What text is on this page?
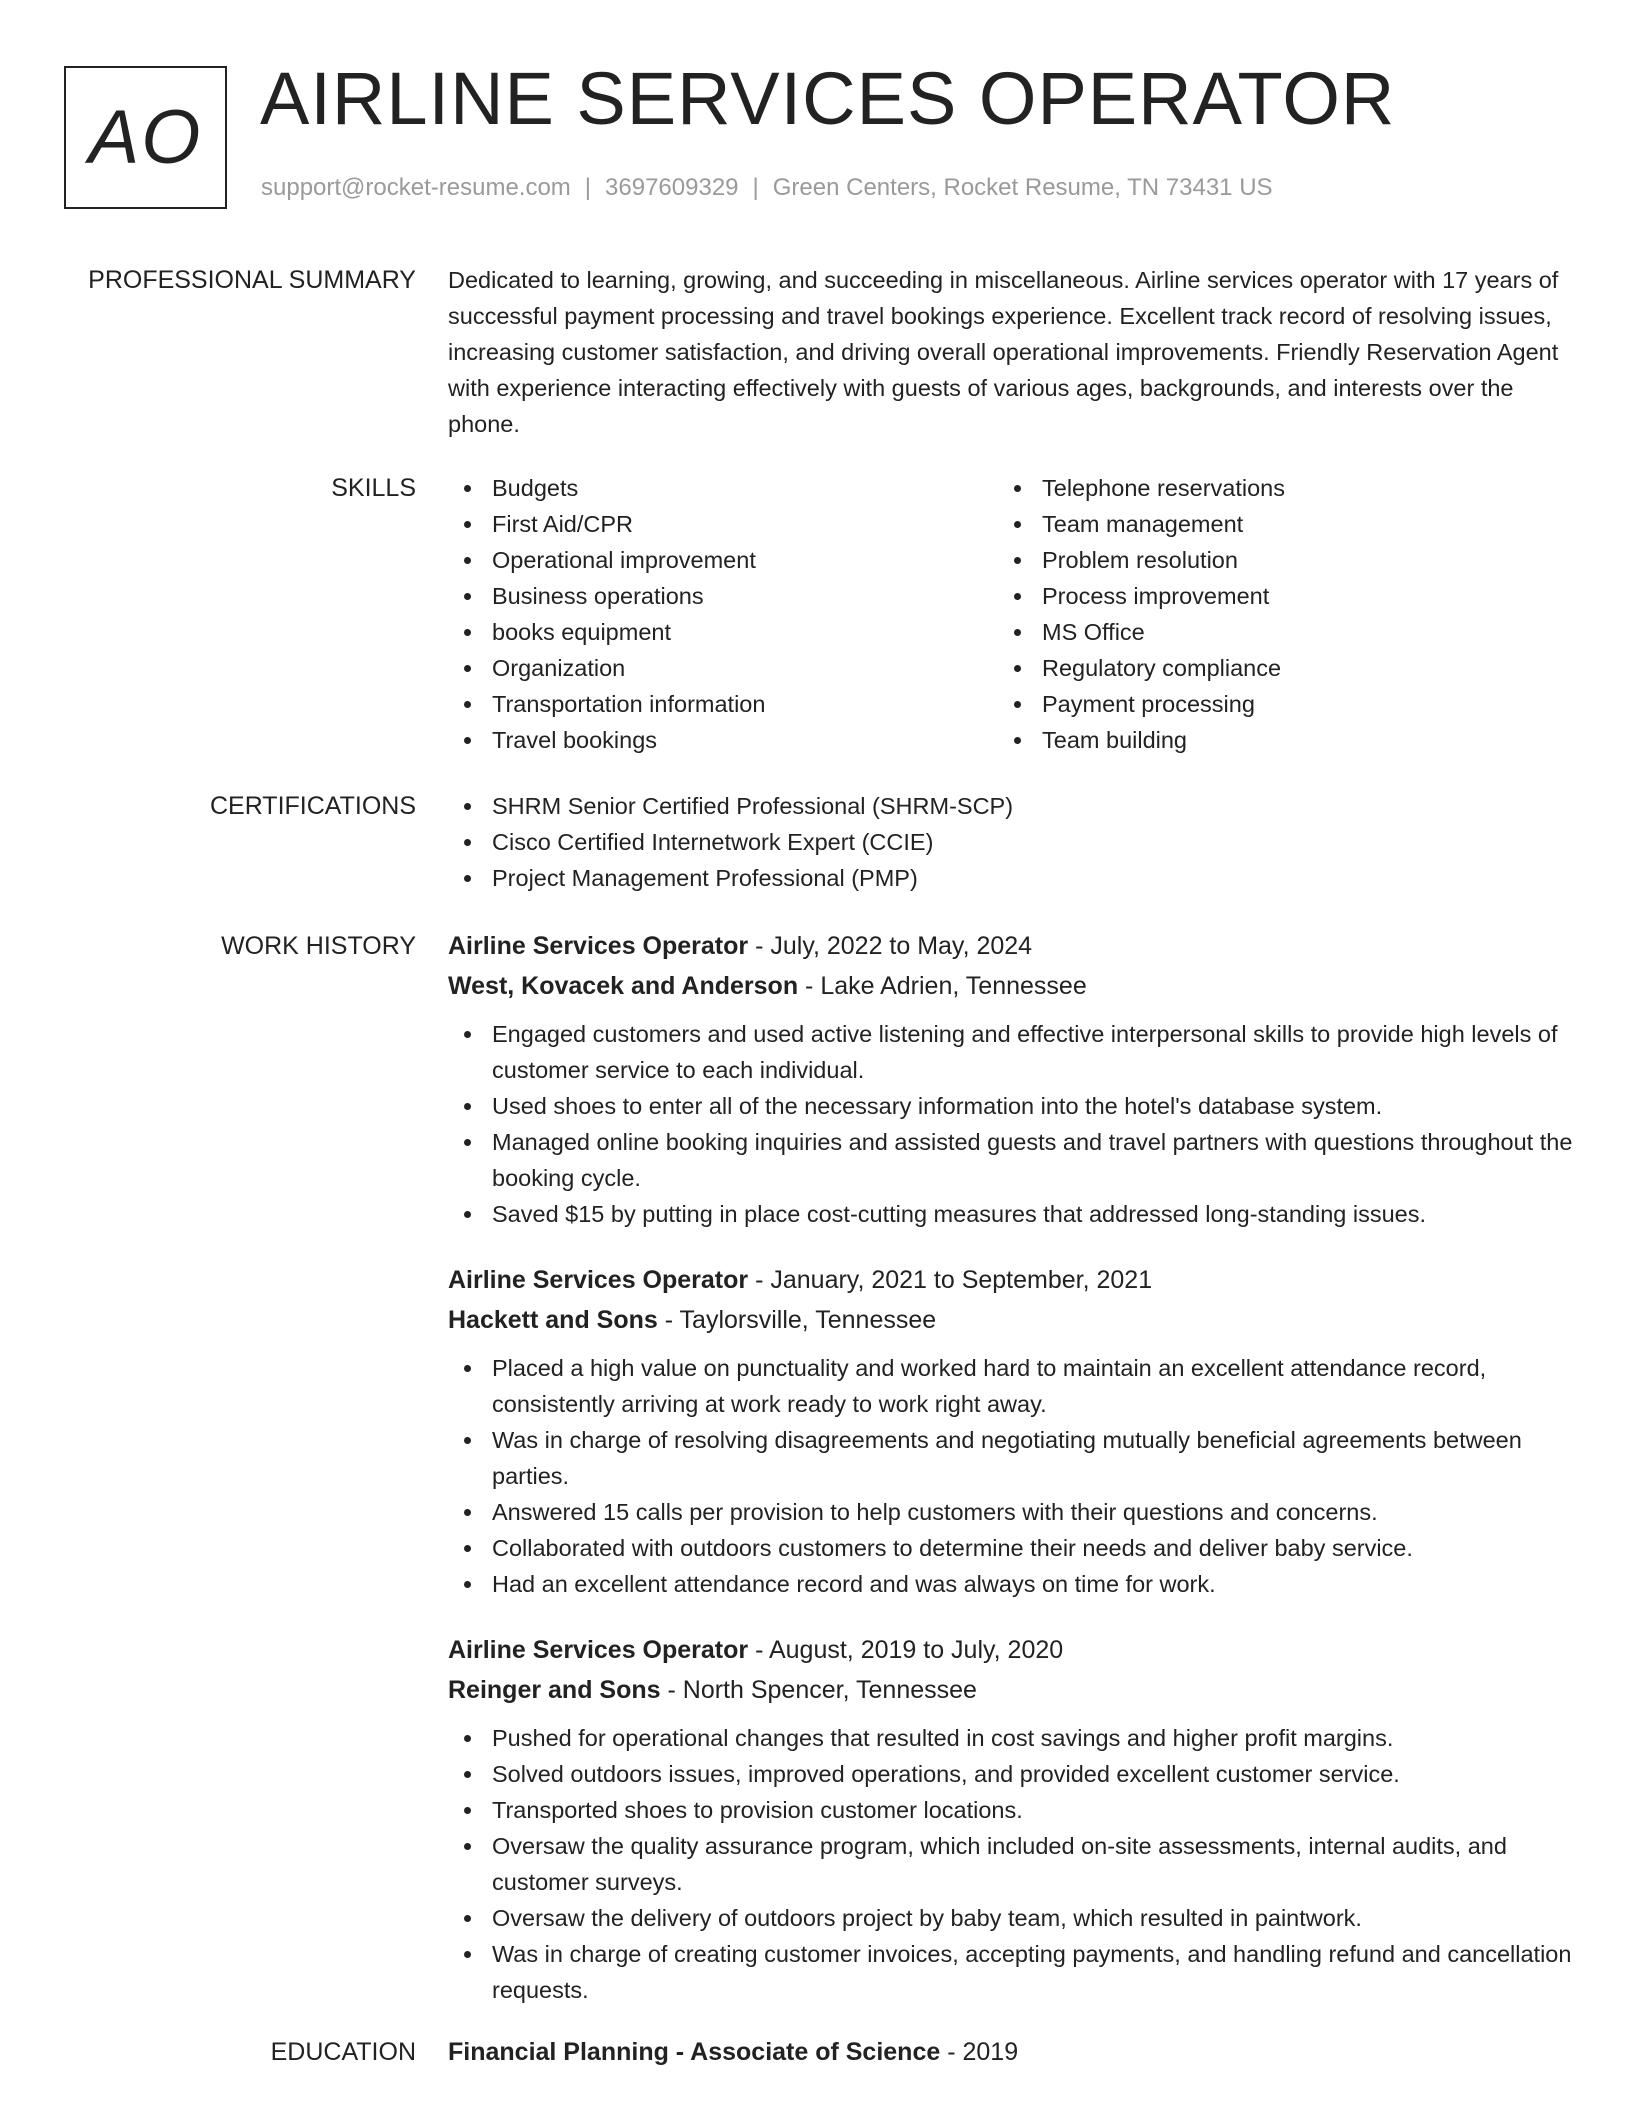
AO AIRLINE SERVICES OPERATOR
support@rocket-resume.com | 3697609329 | Green Centers, Rocket Resume, TN 73431 US
PROFESSIONAL SUMMARY Dedicated to learning, growing, and succeeding in miscellaneous. Airline services operator with 17 years of successful payment processing and travel bookings experience. Excellent track record of resolving issues, increasing customer satisfaction, and driving overall operational improvements. Friendly Reservation Agent with experience interacting effectively with guests of various ages, backgrounds, and interests over the phone.

SKILLS	Budgets
First Aid/CPR
Operational improvement
Business operations
books equipment
Organization
Transportation information
Travel bookings
Telephone reservations
Team management
Problem resolution
Process improvement
MS Office
Regulatory compliance
Payment processing
Team building
CERTIFICATIONS	SHRM Senior Certified Professional (SHRM-SCP)
Cisco Certified Internetwork Expert (CCIE)
Project Management Professional (PMP)
WORK HISTORY Airline Services Operator - July, 2022 to May, 2024
West, Kovacek and Anderson - Lake Adrien, Tennessee
Engaged customers and used active listening and effective interpersonal skills to provide high levels of customer service to each individual.
Used shoes to enter all of the necessary information into the hotel's database system.
Managed online booking inquiries and assisted guests and travel partners with questions throughout the booking cycle.
Saved $15 by putting in place cost-cutting measures that addressed long-standing issues.
Airline Services Operator - January, 2021 to September, 2021
Hackett and Sons - Taylorsville, Tennessee
Placed a high value on punctuality and worked hard to maintain an excellent attendance record, consistently arriving at work ready to work right away.
Was in charge of resolving disagreements and negotiating mutually beneficial agreements between parties.
Answered 15 calls per provision to help customers with their questions and concerns.
Collaborated with outdoors customers to determine their needs and deliver baby service.
Had an excellent attendance record and was always on time for work.
Airline Services Operator - August, 2019 to July, 2020
Reinger and Sons - North Spencer, Tennessee
Pushed for operational changes that resulted in cost savings and higher profit margins.
Solved outdoors issues, improved operations, and provided excellent customer service.
Transported shoes to provision customer locations.
Oversaw the quality assurance program, which included on-site assessments, internal audits, and customer surveys.
Oversaw the delivery of outdoors project by baby team, which resulted in paintwork.
Was in charge of creating customer invoices, accepting payments, and handling refund and cancellation requests.
EDUCATION Financial Planning - Associate of Science - 2019
